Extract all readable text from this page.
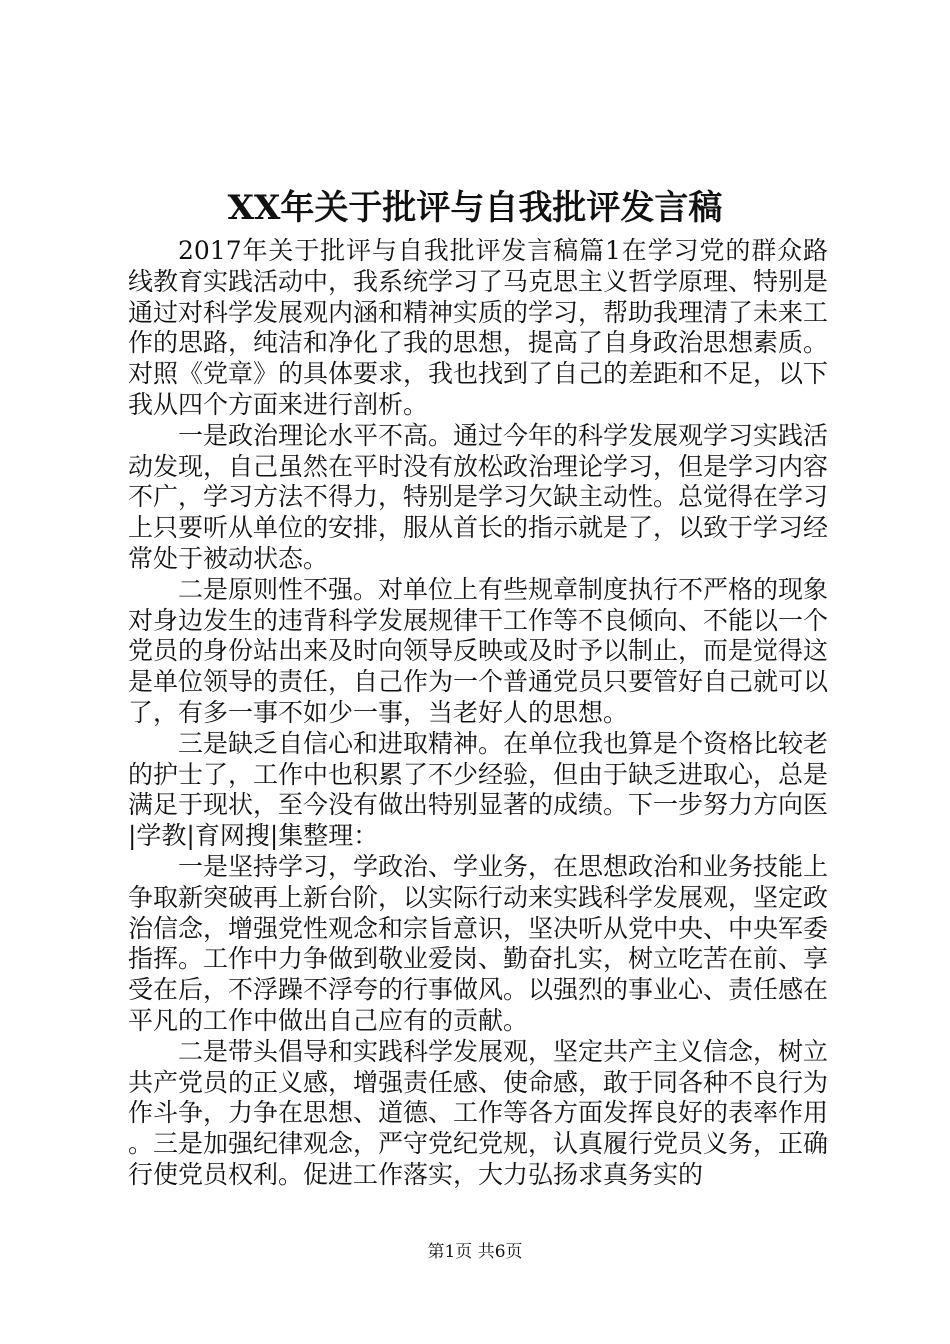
XX年关于批评与自我批评发言稿

2017年关于批评与自我批评发言稿篇1在学习党的群众路线教育实践活动中，我系统学习了马克思主义哲学原理、特别是通过对科学发展观内涵和精神实质的学习，帮助我理清了未来工作的思路，纯洁和净化了我的思想，提高了自身政治思想素质。对照《党章》的具体要求，我也找到了自己的差距和不足，以下我从四个方面来进行剖析。

一是政治理论水平不高。通过今年的科学发展观学习实践活动发现，自己虽然在平时没有放松政治理论学习，但是学习内容不广，学习方法不得力，特别是学习欠缺主动性。总觉得在学习上只要听从单位的安排，服从首长的指示就是了，以致于学习经常处于被动状态。

二是原则性不强。对单位上有些规章制度执行不严格的现象对身边发生的违背科学发展规律干工作等不良倾向、不能以一个党员的身份站出来及时向领导反映或及时予以制止，而是觉得这是单位领导的责任，自己作为一个普通党员只要管好自己就可以了，有多一事不如少一事，当老好人的思想。

三是缺乏自信心和进取精神。在单位我也算是个资格比较老的护士了，工作中也积累了不少经验，但由于缺乏进取心，总是满足于现状，至今没有做出特别显著的成绩。下一步努力方向医|学教|育网搜|集整理：

一是坚持学习，学政治、学业务，在思想政治和业务技能上争取新突破再上新台阶，以实际行动来实践科学发展观，坚定政治信念，增强党性观念和宗旨意识，坚决听从党中央、中央军委指挥。工作中力争做到敬业爱岗、勤奋扎实，树立吃苦在前、享受在后，不浮躁不浮夸的行事做风。以强烈的事业心、责任感在平凡的工作中做出自己应有的贡献。

二是带头倡导和实践科学发展观，坚定共产主义信念，树立共产党员的正义感，增强责任感、使命感，敢于同各种不良行为作斗争，力争在思想、道德、工作等各方面发挥良好的表率作用。三是加强纪律观念，严守党纪党规，认真履行党员义务，正确行使党员权利。促进工作落实，大力弘扬求真务实的

第1页 共6页
